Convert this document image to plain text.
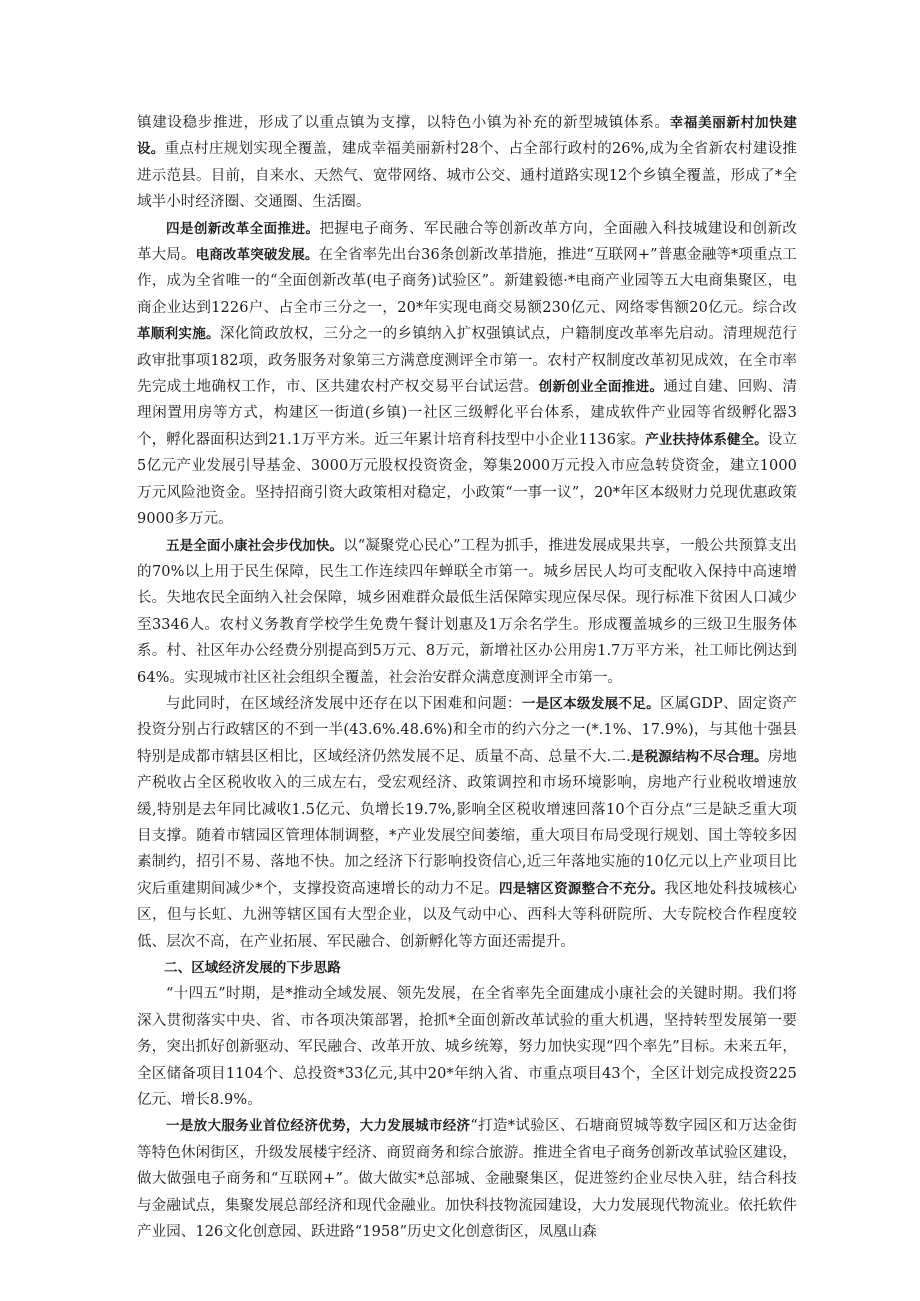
镇建设稳步推进，形成了以重点镇为支撑，以特色小镇为补充的新型城镇体系。幸福美丽新村加快建设。重点村庄规划实现全覆盖，建成幸福美丽新村28个、占全部行政村的26%,成为全省新农村建设推进示范县。目前，自来水、天然气、宽带网络、城市公交、通村道路实现12个乡镇全覆盖，形成了*全域半小时经济圈、交通圈、生活圈。

四是创新改革全面推进。把握电子商务、军民融合等创新改革方向，全面融入科技城建设和创新改革大局。电商改革突破发展。在全省率先出台36条创新改革措施，推进“互联网+”普惠金融等*项重点工作，成为全省唯一的“全面创新改革(电子商务)试验区”。新建毅德·*电商产业园等五大电商集聚区，电商企业达到1226户、占全市三分之一，20*年实现电商交易额230亿元、网络零售额20亿元。综合改革顺利实施。深化简政放权，三分之一的乡镇纳入扩权强镇试点，户籍制度改革率先启动。清理规范行政审批事项182项，政务服务对象第三方满意度测评全市第一。农村产权制度改革初见成效，在全市率先完成土地确权工作，市、区共建农村产权交易平台试运营。创新创业全面推进。通过自建、回购、清理闲置用房等方式，构建区一街道(乡镇)一社区三级孵化平台体系，建成软件产业园等省级孵化器3个，孵化器面积达到21.1万平方米。近三年累计培育科技型中小企业1136家。产业扶持体系健全。设立5亿元产业发展引导基金、3000万元股权投资资金，筹集2000万元投入市应急转贷资金，建立1000万元风险池资金。坚持招商引资大政策相对稳定，小政策“一事一议”，20*年区本级财力兑现优惠政策9000多万元。

五是全面小康社会步伐加快。以“凝聚党心民心”工程为抓手，推进发展成果共享，一般公共预算支出的70%以上用于民生保障，民生工作连续四年蝉联全市第一。城乡居民人均可支配收入保持中高速增长。失地农民全面纳入社会保障，城乡困难群众最低生活保障实现应保尽保。现行标准下贫困人口减少至3346人。农村义务教育学校学生免费午餐计划惠及1万余名学生。形成覆盖城乡的三级卫生服务体系。村、社区年办公经费分别提高到5万元、8万元，新增社区办公用房1.7万平方米，社工师比例达到64%。实现城市社区社会组织全覆盖，社会治安群众满意度测评全市第一。

与此同时，在区域经济发展中还存在以下困难和问题：一是区本级发展不足。区属GDP、固定资产投资分别占行政辖区的不到一半(43.6%.48.6%)和全市的约六分之一(*.1%、17.9%)，与其他十强县特别是成都市辖县区相比，区域经济仍然发展不足、质量不高、总量不大.二.是税源结构不尽合理。房地产税收占全区税收收入的三成左右，受宏观经济、政策调控和市场环境影响，房地产行业税收增速放缓,特别是去年同比减收1.5亿元、负增长19.7%,影响全区税收增速回落10个百分点“三是缺乏重大项目支撑。随着市辖园区管理体制调整，*产业发展空间萎缩，重大项目布局受现行规划、国土等较多因素制约，招引不易、落地不快。加之经济下行影响投资信心,近三年落地实施的10亿元以上产业项目比灾后重建期间减少*个，支撑投资高速增长的动力不足。四是辖区资源整合不充分。我区地处科技城核心区，但与长虹、九洲等辖区国有大型企业，以及气动中心、西科大等科研院所、大专院校合作程度较低、层次不高，在产业拓展、军民融合、创新孵化等方面还需提升。

二、区域经济发展的下步思路

“十四五”时期，是*推动全域发展、领先发展，在全省率先全面建成小康社会的关键时期。我们将深入贯彻落实中央、省、市各项决策部署，抢抓*全面创新改革试验的重大机遇，坚持转型发展第一要务，突出抓好创新驱动、军民融合、改革开放、城乡统筹，努力加快实现“四个率先”目标。未来五年，全区储备项目1104个、总投资*33亿元,其中20*年纳入省、市重点项目43个，全区计划完成投资225亿元、增长8.9%。

一是放大服务业首位经济优势，大力发展城市经济“打造*试验区、石塘商贸城等数字园区和万达金街等特色休闲街区，升级发展楼宇经济、商贸商务和综合旅游。推进全省电子商务创新改革试验区建设，做大做强电子商务和“互联网+”。做大做实*总部城、金融聚集区，促进签约企业尽快入驻，结合科技与金融试点，集聚发展总部经济和现代金融业。加快科技物流园建设，大力发展现代物流业。依托软件产业园、126文化创意园、跃进路“1958”历史文化创意街区，凤凰山森
